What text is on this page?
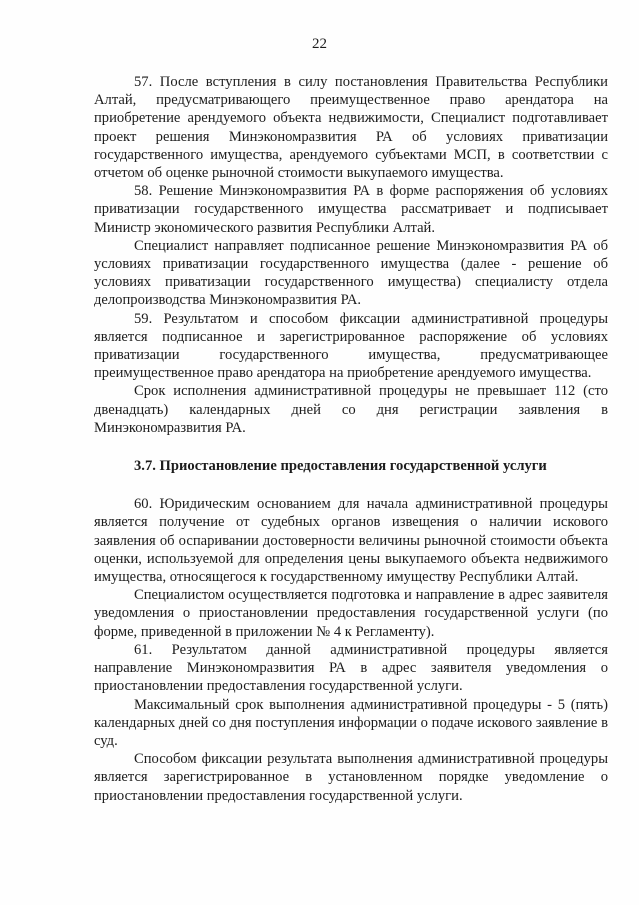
22

57. После вступления в силу постановления Правительства Республики Алтай, предусматривающего преимущественное право арендатора на приобретение арендуемого объекта недвижимости, Специалист подготавливает проект решения Минэкономразвития РА об условиях приватизации государственного имущества, арендуемого субъектами МСП, в соответствии с отчетом об оценке рыночной стоимости выкупаемого имущества.

58. Решение Минэкономразвития РА в форме распоряжения об условиях приватизации государственного имущества рассматривает и подписывает Министр экономического развития Республики Алтай.

Специалист направляет подписанное решение Минэкономразвития РА об условиях приватизации государственного имущества (далее - решение об условиях приватизации государственного имущества) специалисту отдела делопроизводства Минэкономразвития РА.

59. Результатом и способом фиксации административной процедуры является подписанное и зарегистрированное распоряжение об условиях приватизации государственного имущества, предусматривающее преимущественное право арендатора на приобретение арендуемого имущества.

Срок исполнения административной процедуры не превышает 112 (сто двенадцать) календарных дней со дня регистрации заявления в Минэкономразвития РА.

3.7. Приостановление предоставления государственной услуги

60. Юридическим основанием для начала административной процедуры является получение от судебных органов извещения о наличии искового заявления об оспаривании достоверности величины рыночной стоимости объекта оценки, используемой для определения цены выкупаемого объекта недвижимого имущества, относящегося к государственному имуществу Республики Алтай.

Специалистом осуществляется подготовка и направление в адрес заявителя уведомления о приостановлении предоставления государственной услуги (по форме, приведенной в приложении № 4 к Регламенту).

61. Результатом данной административной процедуры является направление Минэкономразвития РА в адрес заявителя уведомления о приостановлении предоставления государственной услуги.

Максимальный срок выполнения административной процедуры - 5 (пять) календарных дней со дня поступления информации о подаче искового заявление в суд.

Способом фиксации результата выполнения административной процедуры является зарегистрированное в установленном порядке уведомление о приостановлении предоставления государственной услуги.
